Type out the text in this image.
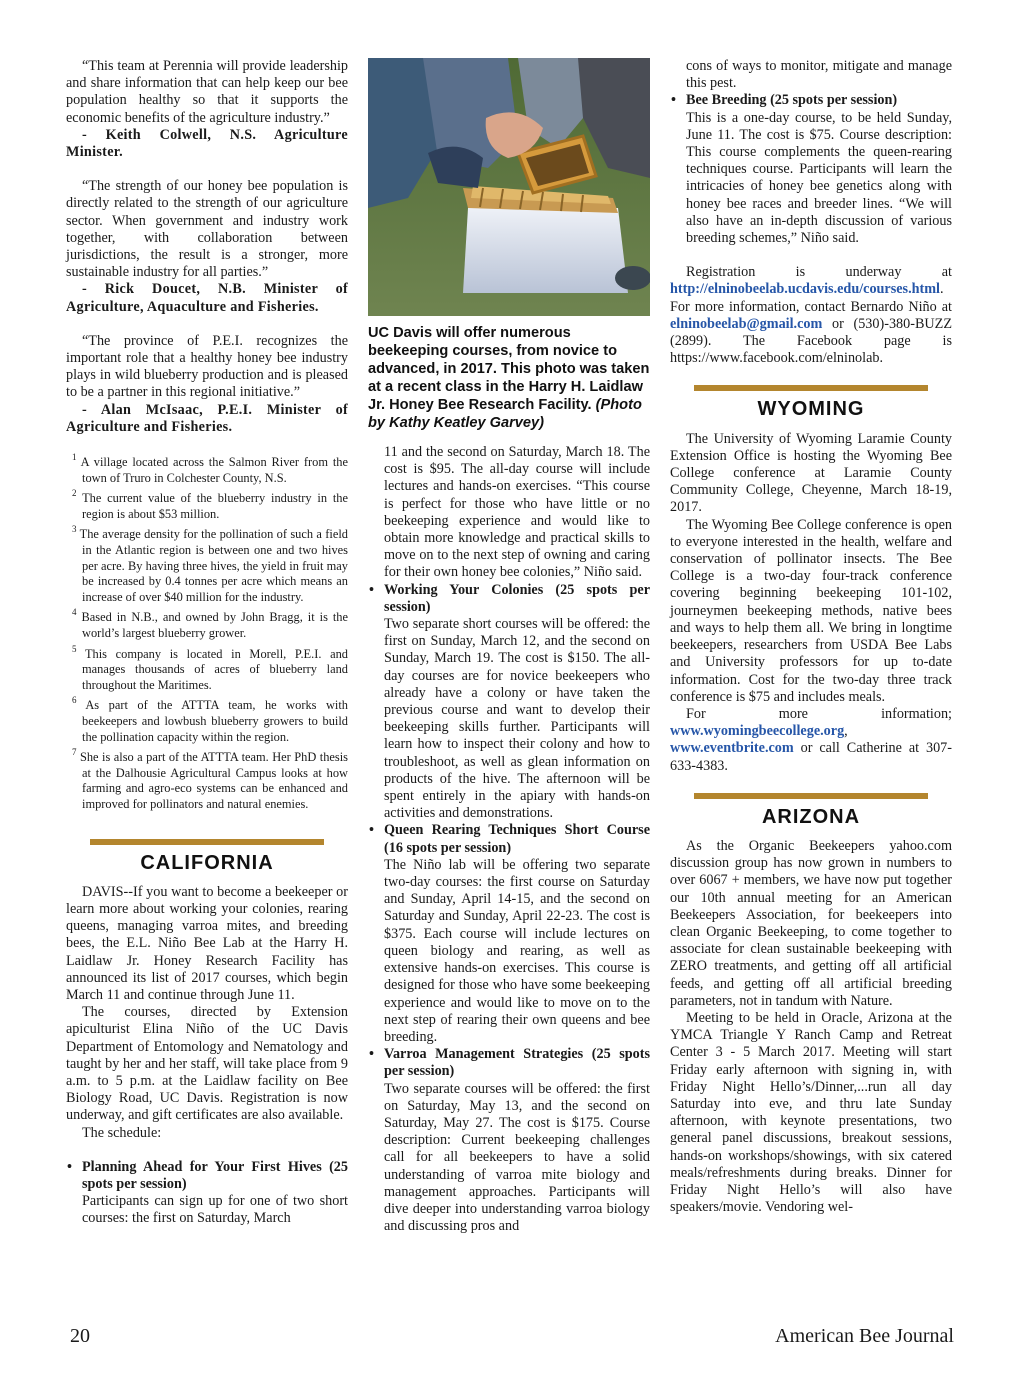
“This team at Perennia will provide leadership and share information that can help keep our bee population healthy so that it supports the economic benefits of the agriculture industry.”

- Keith Colwell, N.S. Agriculture Minister.

“The strength of our honey bee population is directly related to the strength of our agriculture sector. When government and industry work together, with collaboration between jurisdictions, the result is a stronger, more sustainable industry for all parties.”

- Rick Doucet, N.B. Minister of Agriculture, Aquaculture and Fisheries.

“The province of P.E.I. recognizes the important role that a healthy honey bee industry plays in wild blueberry production and is pleased to be a partner in this regional initiative.”

- Alan McIsaac, P.E.I. Minister of Agriculture and Fisheries.

$^1$ A village located across the Salmon River from the town of Truro in Colchester County, N.S.

$^2$ The current value of the blueberry industry in the region is about $53 million.

$^3$ The average density for the pollination of such a field in the Atlantic region is between one and two hives per acre. By having three hives, the yield in fruit may be increased by 0.4 tonnes per acre which means an increase of over $40 million for the industry.

$^4$ Based in N.B., and owned by John Bragg, it is the world’s largest blueberry grower.

$^5$ This company is located in Morell, P.E.I. and manages thousands of acres of blueberry land throughout the Maritimes.

$^6$ As part of the ATTTA team, he works with beekeepers and lowbush blueberry growers to build the pollination capacity within the region.

$^7$ She is also a part of the ATTTA team. Her PhD thesis at the Dalhousie Agricultural Campus looks at how farming and agro-eco systems can be enhanced and improved for pollinators and natural enemies.

CALIFORNIA

DAVIS--If you want to become a beekeeper or learn more about working your colonies, rearing queens, managing varroa mites, and breeding bees, the E.L. Niño Bee Lab at the Harry H. Laidlaw Jr. Honey Research Facility has announced its list of 2017 courses, which begin March 11 and continue through June 11.

The courses, directed by Extension apiculturist Elina Niño of the UC Davis Department of Entomology and Nematology and taught by her and her staff, will take place from 9 a.m. to 5 p.m. at the Laidlaw facility on Bee Biology Road, UC Davis. Registration is now underway, and gift certificates are also available.

The schedule:

• Planning Ahead for Your First Hives (25 spots per session)
Participants can sign up for one of two short courses: the first on Saturday, March

UC Davis will offer numerous beekeeping courses, from novice to advanced, in 2017. This photo was taken at a recent class in the Harry H. Laidlaw Jr. Honey Bee Research Facility. (Photo by Kathy Keatley Garvey)

11 and the second on Saturday, March 18. The cost is $95. The all-day course will include lectures and hands-on exercises. “This course is perfect for those who have little or no beekeeping experience and would like to obtain more knowledge and practical skills to move on to the next step of owning and caring for their own honey bee colonies,” Niño said.

• Working Your Colonies (25 spots per session)
Two separate short courses will be offered: the first on Sunday, March 12, and the second on Sunday, March 19. The cost is $150. The all-day courses are for novice beekeepers who already have a colony or have taken the previous course and want to develop their beekeeping skills further. Participants will learn how to inspect their colony and how to troubleshoot, as well as glean information on products of the hive. The afternoon will be spent entirely in the apiary with hands-on activities and demonstrations.
• Queen Rearing Techniques Short Course (16 spots per session)
The Niño lab will be offering two separate two-day courses: the first course on Saturday and Sunday, April 14-15, and the second on Saturday and Sunday, April 22-23. The cost is $375. Each course will include lectures on queen biology and rearing, as well as extensive hands-on exercises. This course is designed for those who have some beekeeping experience and would like to move on to the next step of rearing their own queens and bee breeding.
• Varroa Management Strategies (25 spots per session)
Two separate courses will be offered: the first on Saturday, May 13, and the second on Saturday, May 27. The cost is $175. Course description: Current beekeeping challenges call for all beekeepers to have a solid understanding of varroa mite biology and management approaches. Participants will dive deeper into understanding varroa biology and discussing pros and

cons of ways to monitor, mitigate and manage this pest.

• Bee Breeding (25 spots per session)
This is a one-day course, to be held Sunday, June 11. The cost is $75. Course description: This course complements the queen-rearing techniques course. Participants will learn the intricacies of honey bee genetics along with honey bee races and breeder lines. “We will also have an in-depth discussion of various breeding schemes,” Niño said.

Registration is underway at http://elninobeelab.ucdavis.edu/courses.html. For more information, contact Bernardo Niño at elninobeelab@gmail.com or (530)-380-BUZZ (2899). The Facebook page is https://www.facebook.com/elninolab.

WYOMING

The University of Wyoming Laramie County Extension Office is hosting the Wyoming Bee College conference at Laramie County Community College, Cheyenne, March 18-19, 2017.

The Wyoming Bee College conference is open to everyone interested in the health, welfare and conservation of pollinator insects. The Bee College is a two-day four-track conference covering beginning beekeeping 101-102, journeymen beekeeping methods, native bees and ways to help them all. We bring in longtime beekeepers, researchers from USDA Bee Labs and University professors for up to-date information. Cost for the two-day three track conference is $75 and includes meals.

For more information; www.wyomingbeecollege.org, www.eventbrite.com or call Catherine at 307-633-4383.

ARIZONA

As the Organic Beekeepers yahoo.com discussion group has now grown in numbers to over 6067 + members, we have now put together our 10th annual meeting for an American Beekeepers Association, for beekeepers into clean Organic Beekeeping, to come together to associate for clean sustainable beekeeping with ZERO treatments, and getting off all artificial feeds, and getting off all artificial breeding parameters, not in tandum with Nature.

Meeting to be held in Oracle, Arizona at the YMCA Triangle Y Ranch Camp and Retreat Center 3 - 5 March 2017. Meeting will start Friday early afternoon with signing in, with Friday Night Hello’s/Dinner,...run all day Saturday into eve, and thru late Sunday afternoon, with keynote presentations, two general panel discussions, breakout sessions, hands-on workshops/showings, with six catered meals/refreshments during breaks. Dinner for Friday Night Hello’s will also have speakers/movie. Vendoring wel-

20	American Bee Journal
